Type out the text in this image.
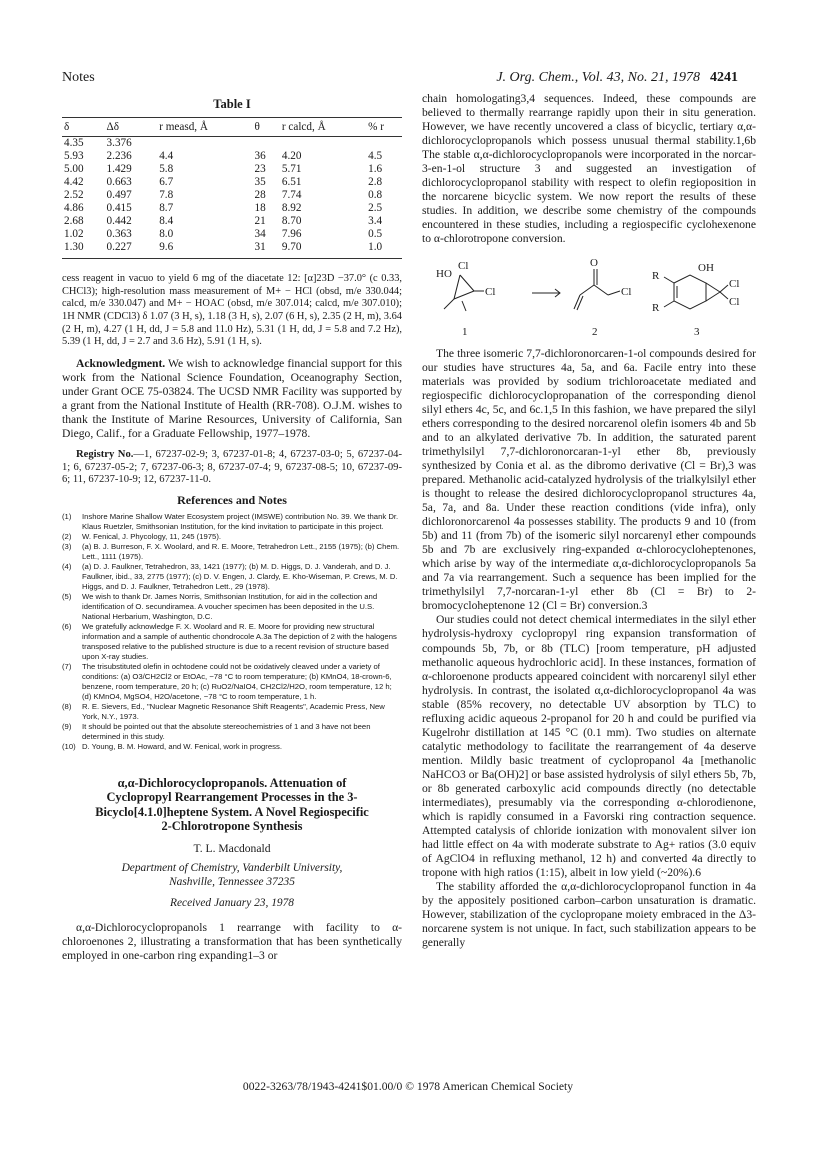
Notes	J. Org. Chem., Vol. 43, No. 21, 1978 4241
Table I
δ	Δδ	r measd, Å	θ	r calcd, Å	% r
4.35	3.376				
5.93	2.236	4.4	36	4.20	4.5
5.00	1.429	5.8	23	5.71	1.6
4.42	0.663	6.7	35	6.51	2.8
2.52	0.497	7.8	28	7.74	0.8
4.86	0.415	8.7	18	8.92	2.5
2.68	0.442	8.4	21	8.70	3.4
1.02	0.363	8.0	34	7.96	0.5
1.30	0.227	9.6	31	9.70	1.0

cess reagent in vacuo to yield 6 mg of the diacetate 12: [α]23D −37.0° (c 0.33, CHCl3); high-resolution mass measurement of M+ − HCl (obsd, m/e 330.044; calcd, m/e 330.047) and M+ − HOAC (obsd, m/e 307.014; calcd, m/e 307.010); 1H NMR (CDCl3) δ 1.07 (3 H, s), 1.18 (3 H, s), 2.07 (6 H, s), 2.35 (2 H, m), 3.64 (2 H, m), 4.27 (1 H, dd, J = 5.8 and 11.0 Hz), 5.31 (1 H, dd, J = 5.8 and 7.2 Hz), 5.39 (1 H, dd, J = 2.7 and 3.6 Hz), 5.91 (1 H, s).

Acknowledgment. We wish to acknowledge financial support for this work from the National Science Foundation, Oceanography Section, under Grant OCE 75-03824. The UCSD NMR Facility was supported by a grant from the National Institute of Health (RR-708). O.J.M. wishes to thank the Institute of Marine Resources, University of California, San Diego, Calif., for a Graduate Fellowship, 1977–1978.

Registry No.—1, 67237-02-9; 3, 67237-01-8; 4, 67237-03-0; 5, 67237-04-1; 6, 67237-05-2; 7, 67237-06-3; 8, 67237-07-4; 9, 67237-08-5; 10, 67237-09-6; 11, 67237-10-9; 12, 67237-11-0.

References and Notes
(1) Inshore Marine Shallow Water Ecosystem project (IMSWE) contribution No. 39. We thank Dr. Klaus Ruetzler, Smithsonian Institution, for the kind invitation to participate in this project.
(2) W. Fenical, J. Phycology, 11, 245 (1975).
(3) (a) B. J. Burreson, F. X. Woolard, and R. E. Moore, Tetrahedron Lett., 2155 (1975); (b) Chem. Lett., 1111 (1975).
(4) (a) D. J. Faulkner, Tetrahedron, 33, 1421 (1977); (b) M. D. Higgs, D. J. Vanderah, and D. J. Faulkner, ibid., 33, 2775 (1977); (c) D. V. Engen, J. Clardy, E. Kho-Wiseman, P. Crews, M. D. Higgs, and D. J. Faulkner, Tetrahedron Lett., 29 (1978).
(5) We wish to thank Dr. James Norris, Smithsonian Institution, for aid in the collection and identification of O. secundiramea. A voucher specimen has been deposited in the U.S. National Herbarium, Washington, D.C.
(6) We gratefully acknowledge F. X. Woolard and R. E. Moore for providing new structural information and a sample of authentic chondrocole A.3a The depiction of 2 with the halogens transposed relative to the published structure is due to a recent revision of structure based upon X-ray studies.
(7) The trisubstituted olefin in ochtodene could not be oxidatively cleaved under a variety of conditions: (a) O3/CH2Cl2 or EtOAc, −78 °C to room temperature; (b) KMnO4, 18-crown-6, benzene, room temperature, 20 h; (c) RuO2/NaIO4, CH2Cl2/H2O, room temperature, 12 h; (d) KMnO4, MgSO4, H2O/acetone, −78 °C to room temperature, 1 h.
(8) R. E. Sievers, Ed., "Nuclear Magnetic Resonance Shift Reagents", Academic Press, New York, N.Y., 1973.
(9) It should be pointed out that the absolute stereochemistries of 1 and 3 have not been determined in this study.
(10) D. Young, B. M. Howard, and W. Fenical, work in progress.
α,α-Dichlorocyclopropanols. Attenuation of Cyclopropyl Rearrangement Processes in the 3-Bicyclo[4.1.0]heptene System. A Novel Regiospecific 2-Chlorotropone Synthesis
T. L. Macdonald
Department of Chemistry, Vanderbilt University,
Nashville, Tennessee 37235
Received January 23, 1978

α,α-Dichlorocyclopropanols 1 rearrange with facility to α-chloroenones 2, illustrating a transformation that has been synthetically employed in one-carbon ring expanding1–3 or

chain homologating3,4 sequences. Indeed, these compounds are believed to thermally rearrange rapidly upon their in situ generation. However, we have recently uncovered a class of bicyclic, tertiary α,α-dichlorocyclopropanols which possess unusual thermal stability.1,6b The stable α,α-dichlorocyclopropanols were incorporated in the norcar-3-en-1-ol structure 3 and suggested an investigation of dichlorocyclopropanol stability with respect to olefin regioposition in the norcarene bicyclic system. We now report the results of these studies. In addition, we describe some chemistry of the compounds encountered in these studies, including a regiospecific cyclohexenone to α-chlorotropone conversion.

HO
Cl
Cl
O
Cl
R
R
OH
Cl
Cl
1	2	3

The three isomeric 7,7-dichloronorcaren-1-ol compounds desired for our studies have structures 4a, 5a, and 6a. Facile entry into these materials was provided by sodium trichloroacetate mediated and regiospecific dichlorocyclopropanation of the corresponding dienol silyl ethers 4c, 5c, and 6c.1,5 In this fashion, we have prepared the silyl ethers corresponding to the desired norcarenol olefin isomers 4b and 5b and to an alkylated derivative 7b. In addition, the saturated parent trimethylsilyl 7,7-dichloronorcaran-1-yl ether 8b, previously synthesized by Conia et al. as the dibromo derivative (Cl = Br),3 was prepared. Methanolic acid-catalyzed hydrolysis of the trialkylsilyl ether is thought to release the desired dichlorocyclopropanol structures 4a, 5a, 7a, and 8a. Under these reaction conditions (vide infra), only dichloronorcarenol 4a possesses stability. The products 9 and 10 (from 5b) and 11 (from 7b) of the isomeric silyl norcarenyl ether compounds 5b and 7b are exclusively ring-expanded α-chlorocycloheptenones, which arise by way of the intermediate α,α-dichlorocyclopropanols 5a and 7a via rearrangement. Such a sequence has been implied for the trimethylsilyl 7,7-norcaran-1-yl ether 8b (Cl = Br) to 2-bromocycloheptenone 12 (Cl = Br) conversion.3

Our studies could not detect chemical intermediates in the silyl ether hydrolysis-hydroxy cyclopropyl ring expansion transformation of compounds 5b, 7b, or 8b (TLC) [room temperature, pH adjusted methanolic aqueous hydrochloric acid]. In these instances, formation of α-chloroenone products appeared coincident with norcarenyl silyl ether hydrolysis. In contrast, the isolated α,α-dichlorocyclopropanol 4a was stable (85% recovery, no detectable UV absorption by TLC) to refluxing acidic aqueous 2-propanol for 20 h and could be purified via Kugelrohr distillation at 145 °C (0.1 mm). Two studies on alternate catalytic methodology to facilitate the rearrangement of 4a deserve mention. Mildly basic treatment of cyclopropanol 4a [methanolic NaHCO3 or Ba(OH)2] or base assisted hydrolysis of silyl ethers 5b, 7b, or 8b generated carboxylic acid compounds directly (no detectable intermediates), presumably via the corresponding α-chlorodienone, which is rapidly consumed in a Favorski ring contraction sequence. Attempted catalysis of chloride ionization with monovalent silver ion had little effect on 4a with moderate substrate to Ag+ ratios (3.0 equiv of AgClO4 in refluxing methanol, 12 h) and converted 4a directly to tropone with high ratios (1:15), albeit in low yield (~20%).6

The stability afforded the α,α-dichlorocyclopropanol function in 4a by the appositely positioned carbon–carbon unsaturation is dramatic. However, stabilization of the cyclopropane moiety embraced in the Δ3-norcarene system is not unique. In fact, such stabilization appears to be generally

0022-3263/78/1943-4241$01.00/0 © 1978 American Chemical Society
